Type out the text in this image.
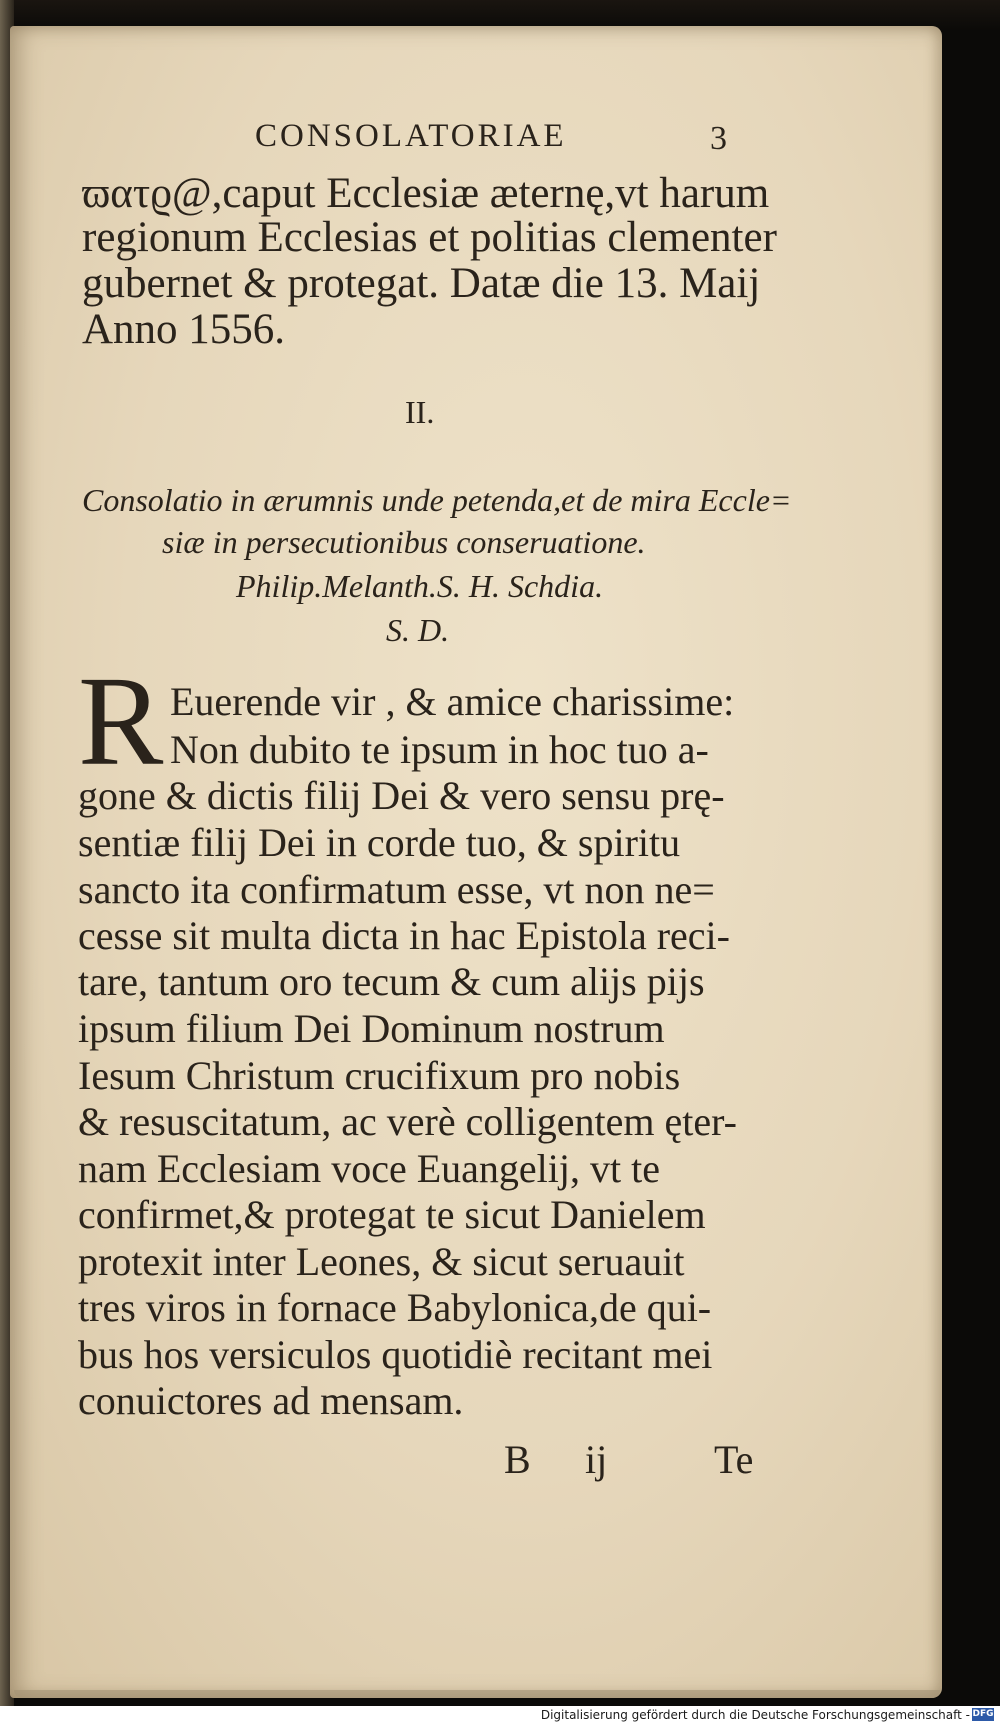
CONSOLATORIAE	3
ϖατϱ@,caput Ecclesiæ æternę,vt harum
regionum Ecclesias et politias clementer
gubernet & protegat. Datæ die 13. Maij
Anno 1556.
II.
Consolatio in ærumnis unde petenda,et de mira Eccle=
siæ in persecutionibus conseruatione.
Philip.Melanth.S. H. Schdia.
S. D.
R Euerende vir , & amice charissime:
Non dubito te ipsum in hoc tuo a-
gone & dictis filij Dei & vero sensu prę-
sentiæ filij Dei in corde tuo, & spiritu
sancto ita confirmatum esse, vt non ne=
cesse sit multa dicta in hac Epistola reci-
tare, tantum oro tecum & cum alijs pijs
ipsum filium Dei Dominum nostrum
Iesum Christum crucifixum pro nobis
& resuscitatum, ac verè colligentem ęter-
nam Ecclesiam voce Euangelij, vt te
confirmet,& protegat te sicut Danielem
protexit inter Leones, & sicut seruauit
tres viros in fornace Babylonica,de qui-
bus hos versiculos quotidiè recitant mei
conuictores ad mensam.
B ij	Te
Digitalisierung gefördert durch die Deutsche Forschungsgemeinschaft - DFG
